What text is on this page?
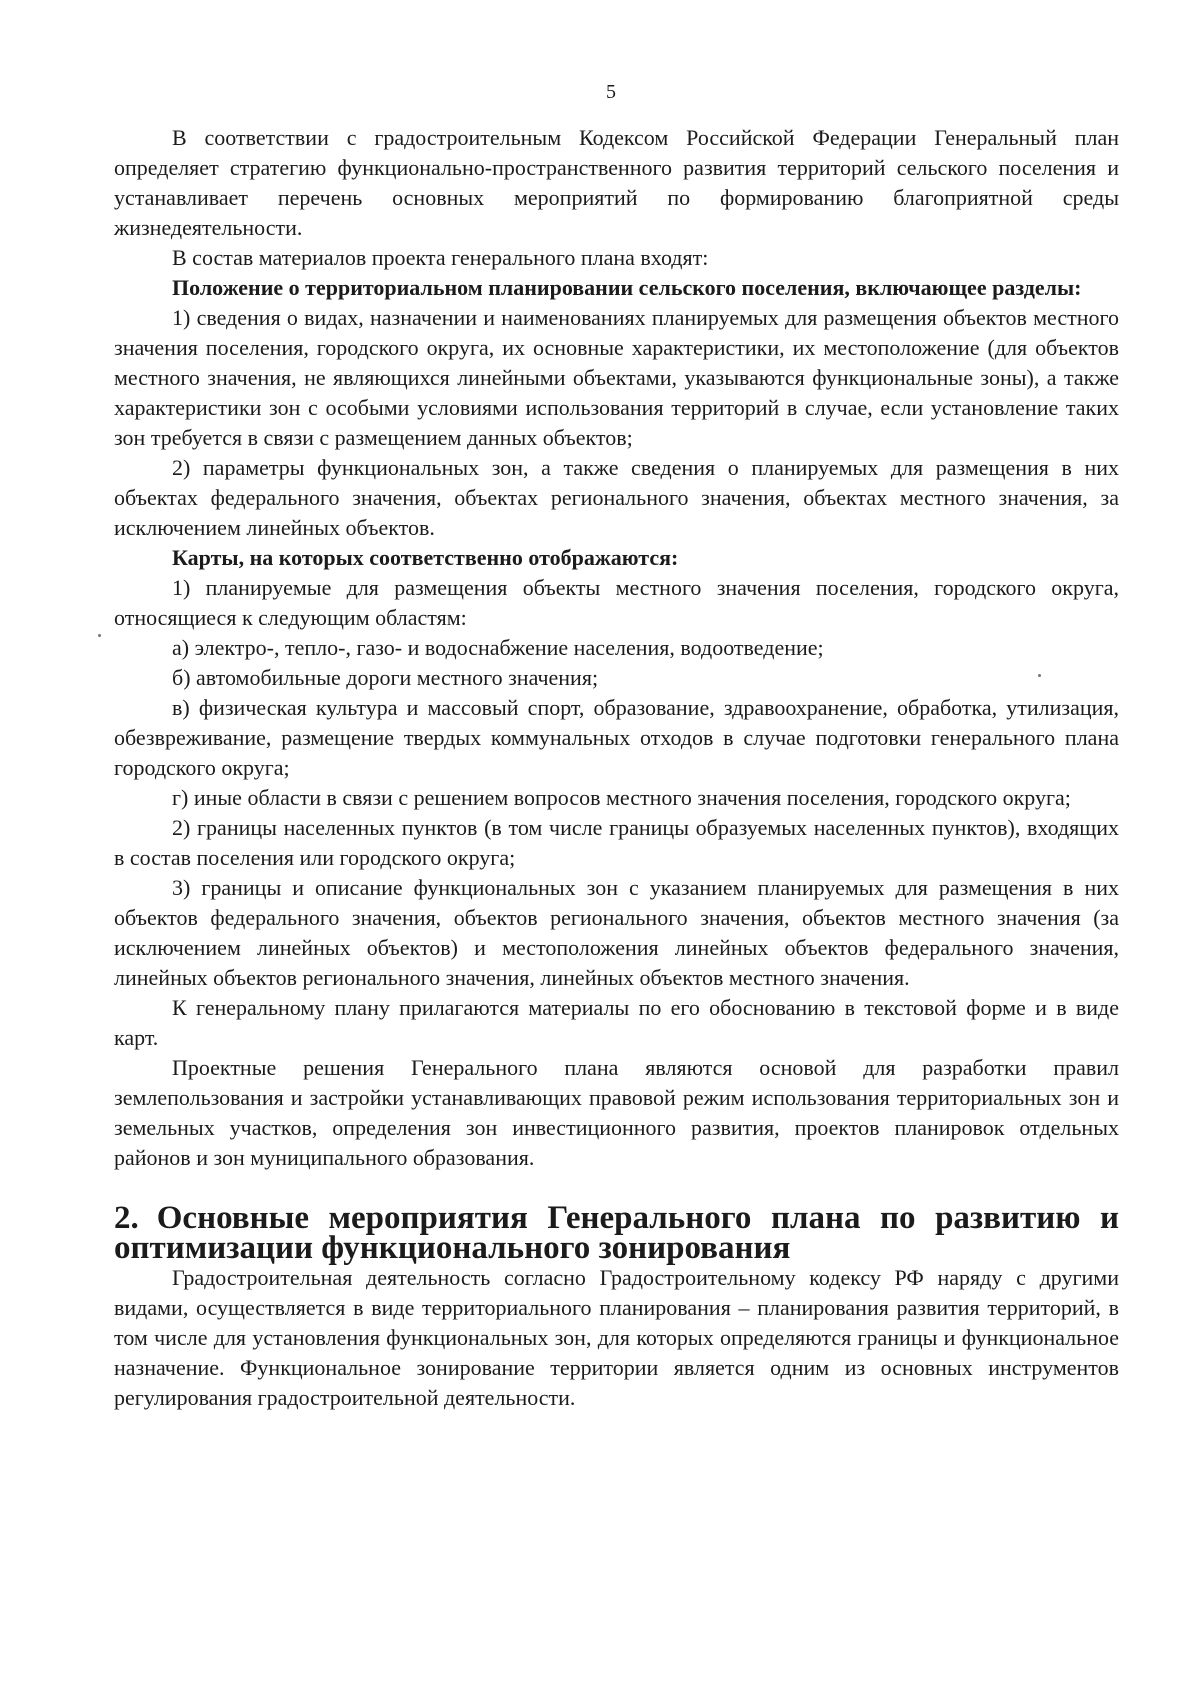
5

В соответствии с градостроительным Кодексом Российской Федерации Генеральный план определяет стратегию функционально-пространственного развития территорий сельского поселения и устанавливает перечень основных мероприятий по формированию благоприятной среды жизнедеятельности.

В состав материалов проекта генерального плана входят:

Положение о территориальном планировании сельского поселения, включающее разделы:

1) сведения о видах, назначении и наименованиях планируемых для размещения объектов местного значения поселения, городского округа, их основные характеристики, их местоположение (для объектов местного значения, не являющихся линейными объектами, указываются функциональные зоны), а также характеристики зон с особыми условиями использования территорий в случае, если установление таких зон требуется в связи с размещением данных объектов;

2) параметры функциональных зон, а также сведения о планируемых для размещения в них объектах федерального значения, объектах регионального значения, объектах местного значения, за исключением линейных объектов.

Карты, на которых соответственно отображаются:

1) планируемые для размещения объекты местного значения поселения, городского округа, относящиеся к следующим областям:

а) электро-, тепло-, газо- и водоснабжение населения, водоотведение;

б) автомобильные дороги местного значения;

в) физическая культура и массовый спорт, образование, здравоохранение, обработка, утилизация, обезвреживание, размещение твердых коммунальных отходов в случае подготовки генерального плана городского округа;

г) иные области в связи с решением вопросов местного значения поселения, городского округа;

2) границы населенных пунктов (в том числе границы образуемых населенных пунктов), входящих в состав поселения или городского округа;

3) границы и описание функциональных зон с указанием планируемых для размещения в них объектов федерального значения, объектов регионального значения, объектов местного значения (за исключением линейных объектов) и местоположения линейных объектов федерального значения, линейных объектов регионального значения, линейных объектов местного значения.

К генеральному плану прилагаются материалы по его обоснованию в текстовой форме и в виде карт.

Проектные решения Генерального плана являются основой для разработки правил землепользования и застройки устанавливающих правовой режим использования территориальных зон и земельных участков, определения зон инвестиционного развития, проектов планировок отдельных районов и зон муниципального образования.

2. Основные мероприятия Генерального плана по развитию и оптимизации функционального зонирования

Градостроительная деятельность согласно Градостроительному кодексу РФ наряду с другими видами, осуществляется в виде территориального планирования – планирования развития территорий, в том числе для установления функциональных зон, для которых определяются границы и функциональное назначение. Функциональное зонирование территории является одним из основных инструментов регулирования градостроительной деятельности.
